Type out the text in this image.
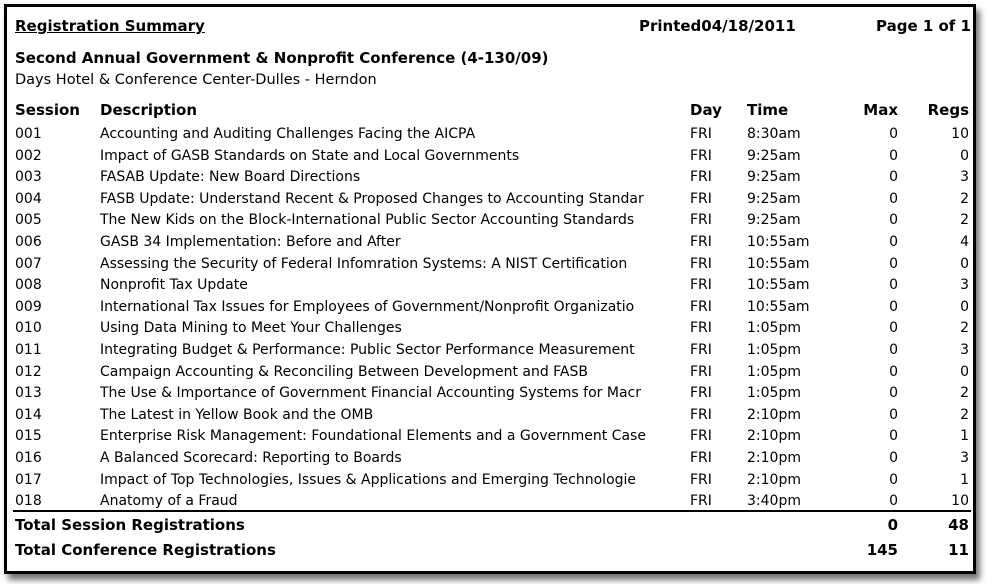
Registration Summary	Printed04/18/2011	Page 1 of 1
Second Annual Government & Nonprofit Conference (4-130/09)
Days Hotel & Conference Center-Dulles - Herndon
Session Description	Day Time	Max Regs
001	Accounting and Auditing Challenges Facing the AICPA	FRI	8:30am	0	10
002	Impact of GASB Standards on State and Local Governments	FRI	9:25am	0	0
003	FASAB Update: New Board Directions	FRI	9:25am	0	3
004	FASB Update: Understand Recent & Proposed Changes to Accounting Standar	FRI	9:25am	0	2
005	The New Kids on the Block-International Public Sector Accounting Standards	FRI	9:25am	0	2
006	GASB 34 Implementation: Before and After	FRI	10:55am	0	4
007	Assessing the Security of Federal Infomration Systems: A NIST Certification	FRI	10:55am	0	0
008	Nonprofit Tax Update	FRI	10:55am	0	3
009	International Tax Issues for Employees of Government/Nonprofit Organizatio	FRI	10:55am	0	0
010	Using Data Mining to Meet Your Challenges	FRI	1:05pm	0	2
011	Integrating Budget & Performance: Public Sector Performance Measurement	FRI	1:05pm	0	3
012	Campaign Accounting & Reconciling Between Development and FASB	FRI	1:05pm	0	0
013	The Use & Importance of Government Financial Accounting Systems for Macr	FRI	1:05pm	0	2
014	The Latest in Yellow Book and the OMB	FRI	2:10pm	0	2
015	Enterprise Risk Management: Foundational Elements and a Government Case	FRI	2:10pm	0	1
016	A Balanced Scorecard: Reporting to Boards	FRI	2:10pm	0	3
017	Impact of Top Technologies, Issues & Applications and Emerging Technologie	FRI	2:10pm	0	1
018	Anatomy of a Fraud	FRI	3:40pm	0	10
Total Session Registrations	0	48
Total Conference Registrations	145	11
